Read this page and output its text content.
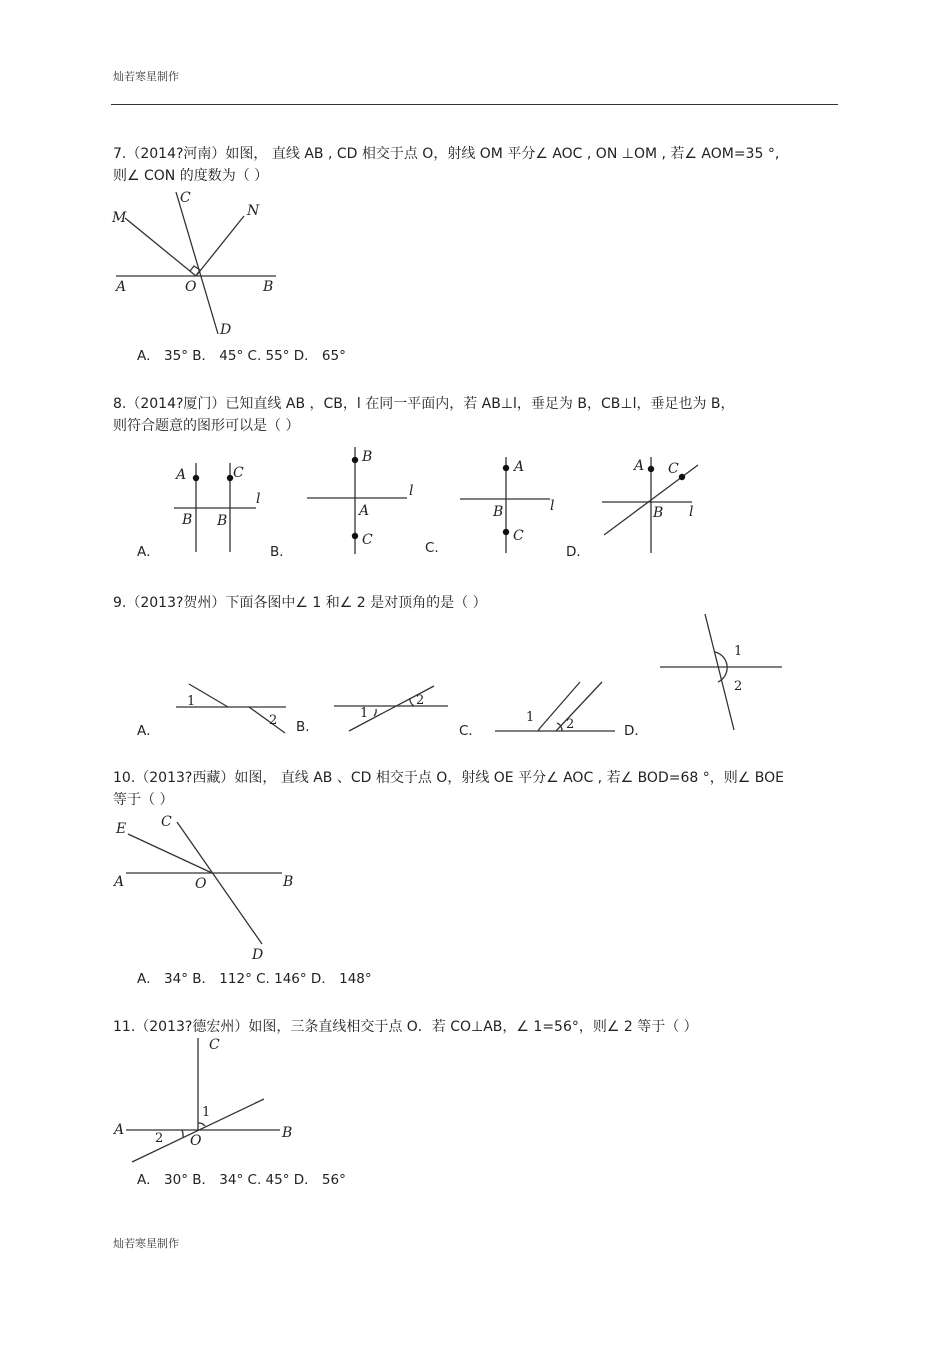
灿若寒星制作
7.（2014?河南）如图， 直线 AB , CD 相交于点 O，射线 OM 平分∠ AOC , ON ⊥OM , 若∠ AOM=35 °,
则∠ CON 的度数为（ ）
M
C
N
A	O	B
D
A． 35° B． 45° C. 55° D． 65°
8.（2014?厦门）已知直线 AB ，CB，l 在同一平面内，若 AB⊥l，垂足为 B，CB⊥l，垂足也为 B，
则符合题意的图形可以是（ ）
A．
A	C
B B
l
B．
B
A
C
l
C.
A
B
C
l
D．
A C
B l
9.（2013?贺州）下面各图中∠ 1 和∠ 2 是对顶角的是（ ）
A．
1
2 B.
1
2
C．
1 2	D．
1
2
10.（2013?西藏）如图， 直线 AB 、CD 相交于点 O，射线 OE 平分∠ AOC , 若∠ BOD=68 °，则∠ BOE
等于（ ）
E C
A	O	B
D
A． 34° B． 112° C. 146° D． 148°
11.（2013?德宏州）如图，三条直线相交于点 O．若 CO⊥AB，∠ 1=56°，则∠ 2 等于（ ）
C
A
O	B
1
2
A． 30° B． 34° C. 45° D． 56°
灿若寒星制作
